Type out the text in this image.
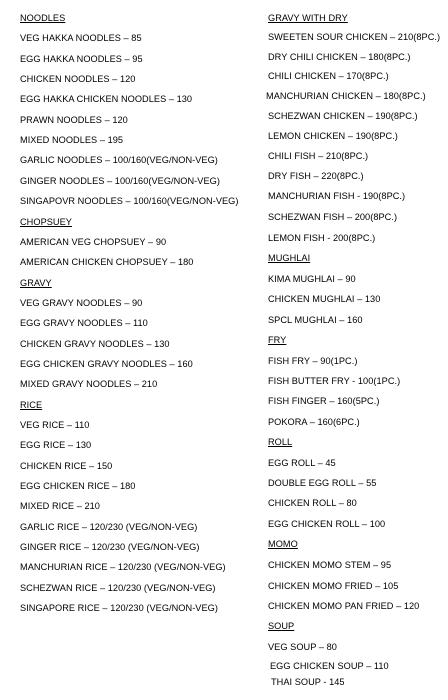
NOODLES
VEG HAKKA NOODLES – 85
EGG HAKKA NOODLES – 95
CHICKEN NOODLES – 120
EGG HAKKA CHICKEN NOODLES – 130
PRAWN NOODLES – 120
MIXED NOODLES – 195
GARLIC NOODLES – 100/160(VEG/NON-VEG)
GINGER NOODLES – 100/160(VEG/NON-VEG)
SINGAPOVR NOODLES – 100/160(VEG/NON-VEG)
CHOPSUEY
AMERICAN VEG CHOPSUEY – 90
AMERICAN CHICKEN CHOPSUEY – 180
GRAVY
VEG GRAVY NOODLES – 90
EGG GRAVY NOODLES – 110
CHICKEN GRAVY NOODLES – 130
EGG CHICKEN GRAVY NOODLES – 160
MIXED GRAVY NOODLES – 210
RICE
VEG RICE – 110
EGG RICE – 130
CHICKEN RICE – 150
EGG CHICKEN RICE – 180
MIXED RICE – 210
GARLIC RICE – 120/230 (VEG/NON-VEG)
GINGER RICE – 120/230 (VEG/NON-VEG)
MANCHURIAN RICE – 120/230 (VEG/NON-VEG)
SCHEZWAN RICE – 120/230 (VEG/NON-VEG)
SINGAPORE RICE – 120/230 (VEG/NON-VEG)
GRAVY WITH DRY
SWEETEN SOUR CHICKEN – 210(8PC.)
DRY CHILI CHICKEN – 180(8PC.)
CHILI CHICKEN – 170(8PC.)
MANCHURIAN CHICKEN – 180(8PC.)
SCHEZWAN CHICKEN – 190(8PC.)
LEMON CHICKEN – 190(8PC.)
CHILI FISH – 210(8PC.)
DRY FISH – 220(8PC.)
MANCHURIAN FISH - 190(8PC.)
SCHEZWAN FISH – 200(8PC.)
LEMON FISH - 200(8PC.)
MUGHLAI
KIMA MUGHLAI – 90
CHICKEN MUGHLAI – 130
SPCL MUGHLAI – 160
FRY
FISH FRY – 90(1PC.)
FISH BUTTER FRY - 100(1PC.)
FISH FINGER – 160(5PC.)
POKORA – 160(6PC.)
ROLL
EGG ROLL – 45
DOUBLE EGG ROLL – 55
CHICKEN ROLL – 80
EGG CHICKEN ROLL – 100
MOMO
CHICKEN MOMO STEM – 95
CHICKEN MOMO FRIED – 105
CHICKEN MOMO PAN FRIED – 120
SOUP
VEG SOUP – 80
EGG CHICKEN SOUP – 110
THAI SOUP - 145
